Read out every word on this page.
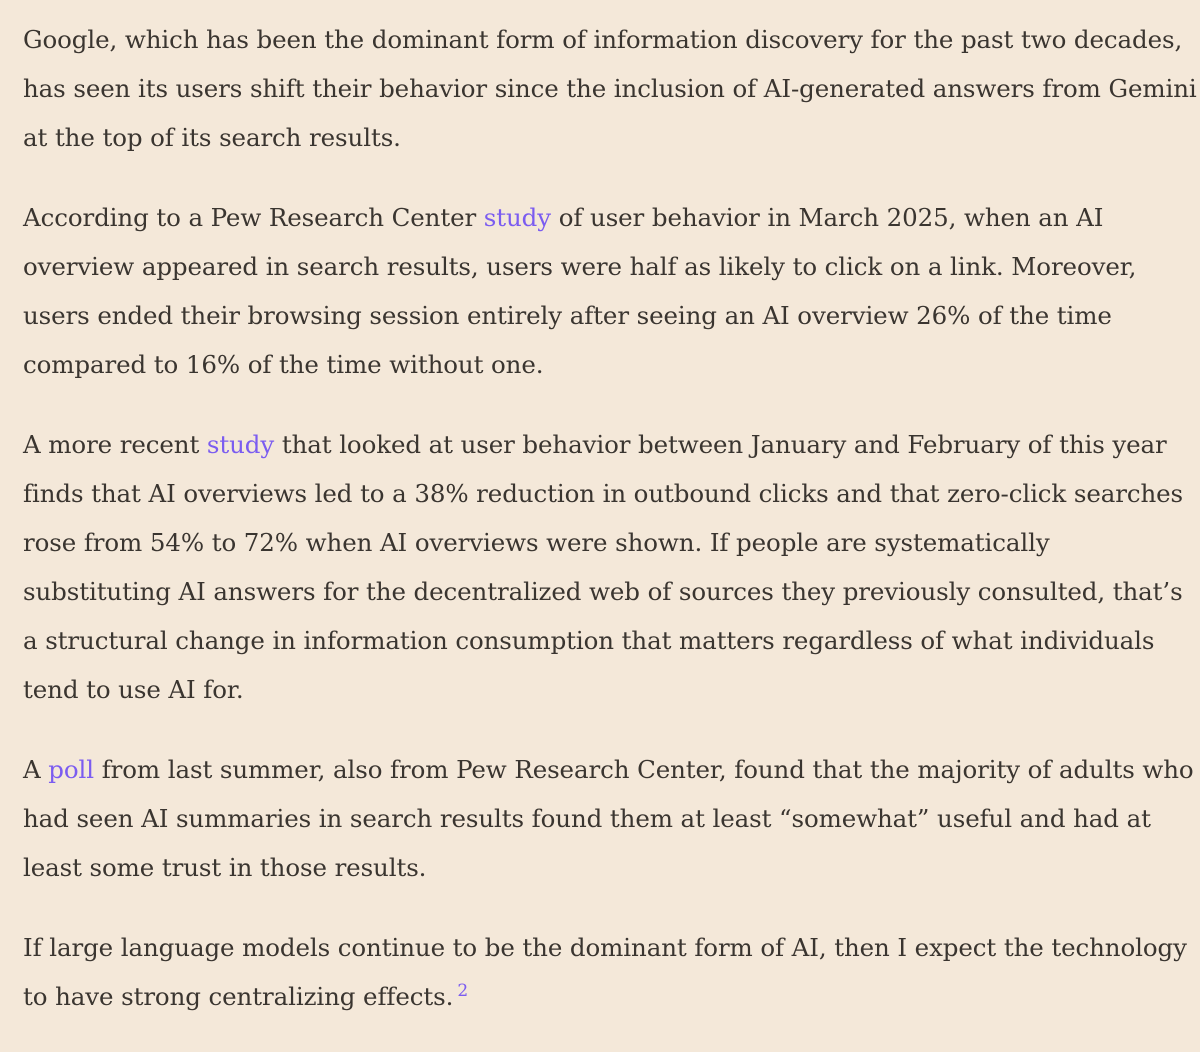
Google, which has been the dominant form of information discovery for the past two decades, has seen its users shift their behavior since the inclusion of AI-generated answers from Gemini at the top of its search results.

According to a Pew Research Center study of user behavior in March 2025, when an AI overview appeared in search results, users were half as likely to click on a link. Moreover, users ended their browsing session entirely after seeing an AI overview 26% of the time compared to 16% of the time without one.

A more recent study that looked at user behavior between January and February of this year finds that AI overviews led to a 38% reduction in outbound clicks and that zero-click searches rose from 54% to 72% when AI overviews were shown. If people are systematically substituting AI answers for the decentralized web of sources they previously consulted, that’s a structural change in information consumption that matters regardless of what individuals tend to use AI for.

A poll from last summer, also from Pew Research Center, found that the majority of adults who had seen AI summaries in search results found them at least “somewhat” useful and had at least some trust in those results.

If large language models continue to be the dominant form of AI, then I expect the technology to have strong centralizing effects. $^2$
